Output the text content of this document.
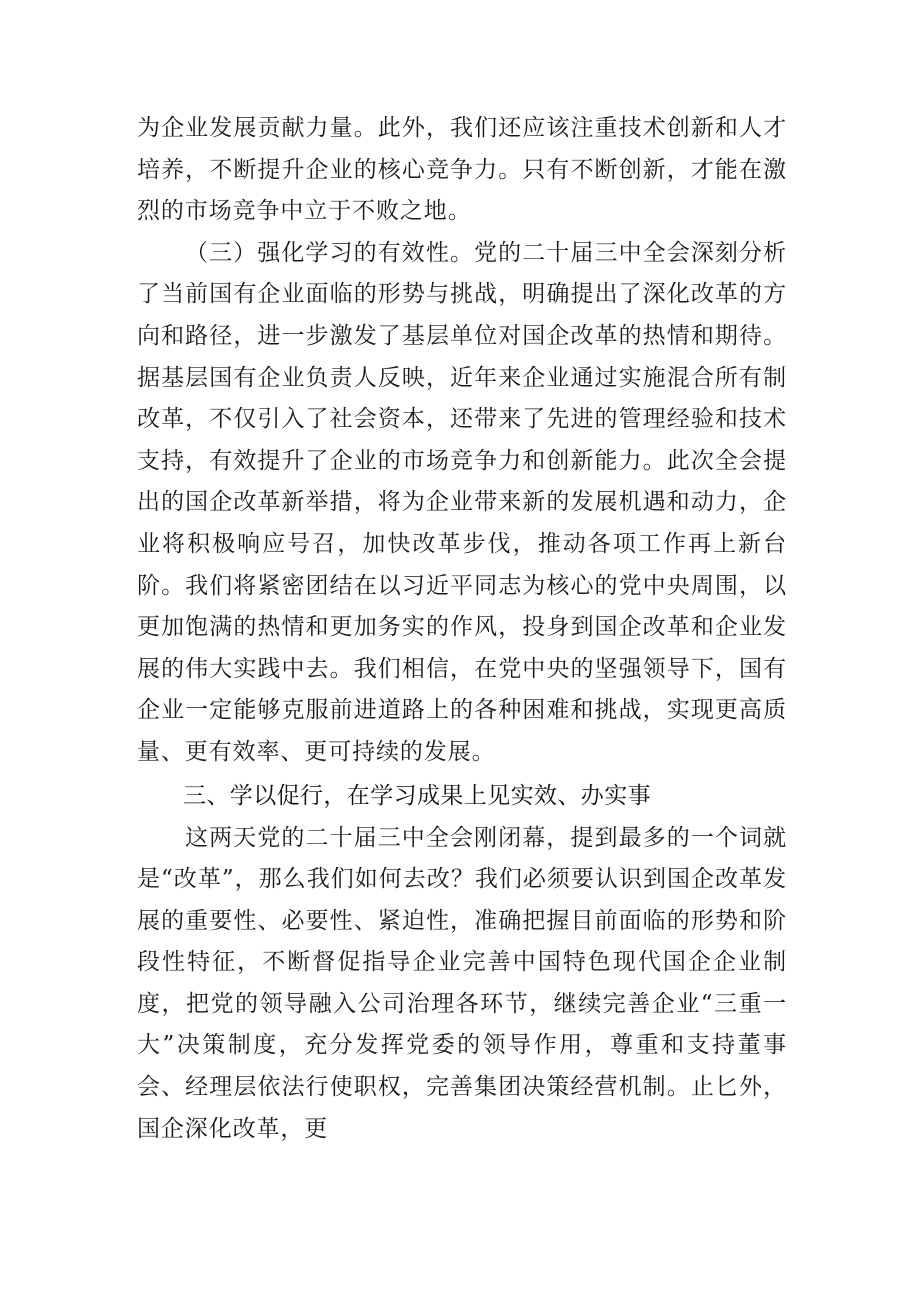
为企业发展贡献力量。此外，我们还应该注重技术创新和人才培养，不断提升企业的核心竞争力。只有不断创新，才能在激烈的市场竞争中立于不败之地。

（三）强化学习的有效性。党的二十届三中全会深刻分析了当前国有企业面临的形势与挑战，明确提出了深化改革的方向和路径，进一步激发了基层单位对国企改革的热情和期待。据基层国有企业负责人反映，近年来企业通过实施混合所有制改革，不仅引入了社会资本，还带来了先进的管理经验和技术支持，有效提升了企业的市场竞争力和创新能力。此次全会提出的国企改革新举措，将为企业带来新的发展机遇和动力，企业将积极响应号召，加快改革步伐，推动各项工作再上新台阶。我们将紧密团结在以习近平同志为核心的党中央周围，以更加饱满的热情和更加务实的作风，投身到国企改革和企业发展的伟大实践中去。我们相信，在党中央的坚强领导下，国有企业一定能够克服前进道路上的各种困难和挑战，实现更高质量、更有效率、更可持续的发展。

三、学以促行，在学习成果上见实效、办实事

这两天党的二十届三中全会刚闭幕，提到最多的一个词就是“改革”，那么我们如何去改？我们必须要认识到国企改革发展的重要性、必要性、紧迫性，准确把握目前面临的形势和阶段性特征，不断督促指导企业完善中国特色现代国企企业制度，把党的领导融入公司治理各环节，继续完善企业“三重一大”决策制度，充分发挥党委的领导作用，尊重和支持董事会、经理层依法行使职权，完善集团决策经营机制。止匕外，国企深化改革，更
